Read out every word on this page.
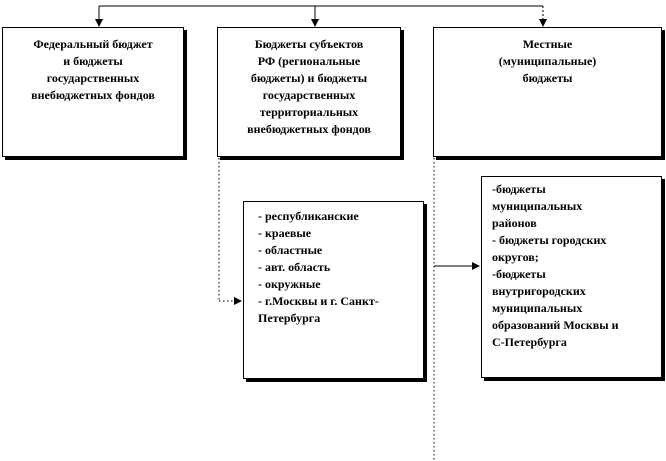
Федеральный бюджет
и бюджеты
государственных
внебюджетных фондов
Бюджеты субъектов
РФ (региональные
бюджеты) и бюджеты
государственных
территориальных
внебюджетных фондов
Местные
(муниципальные)
бюджеты
- республиканские
- краевые
- областные
- авт. область
- окружные
- г.Москвы и г. Санкт-
Петербурга
-бюджеты
муниципальных
районов
- бюджеты городских
округов;
-бюджеты
внутригородских
муниципальных
образований Москвы и
С-Петербурга
